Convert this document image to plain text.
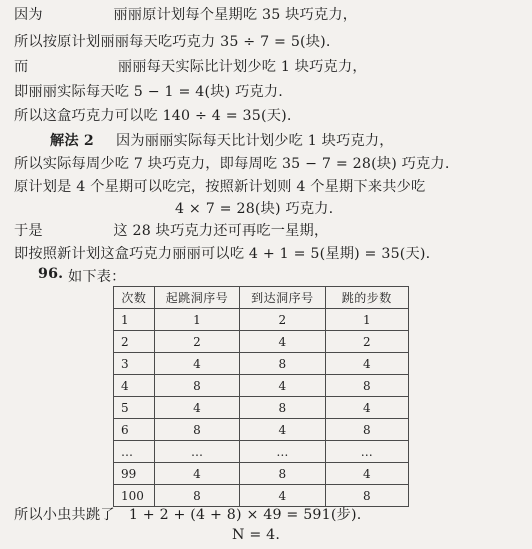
因为               丽丽原计划每个星期吃 35 块巧克力，
所以按原计划丽丽每天吃巧克力 35 ÷ 7 = 5(块).
而                   丽丽每天实际比计划少吃 1 块巧克力，
即丽丽实际每天吃 5 − 1 = 4(块) 巧克力.
所以这盒巧克力可以吃 140 ÷ 4 = 35(天).
解法 2 因为丽丽实际每天比计划少吃 1 块巧克力，
所以实际每周少吃 7 块巧克力，即每周吃 35 − 7 = 28(块) 巧克力.
原计划是 4 个星期可以吃完，按照新计划则 4 个星期下来共少吃
4 × 7 = 28(块) 巧克力.
于是               这 28 块巧克力还可再吃一星期，
即按照新计划这盒巧克力丽丽可以吃 4 + 1 = 5(星期) = 35(天).
96. 如下表：
次数	起跳洞序号	到达洞序号	跳的步数
1	1	2	1
2	2	4	2
3	4	8	4
4	8	4	8
5	4	8	4
6	8	4	8
…	…	…	…
99	4	8	4
100	8	4	8
所以小虫共跳了   1 + 2 + (4 + 8) × 49 = 591(步).
N = 4.
